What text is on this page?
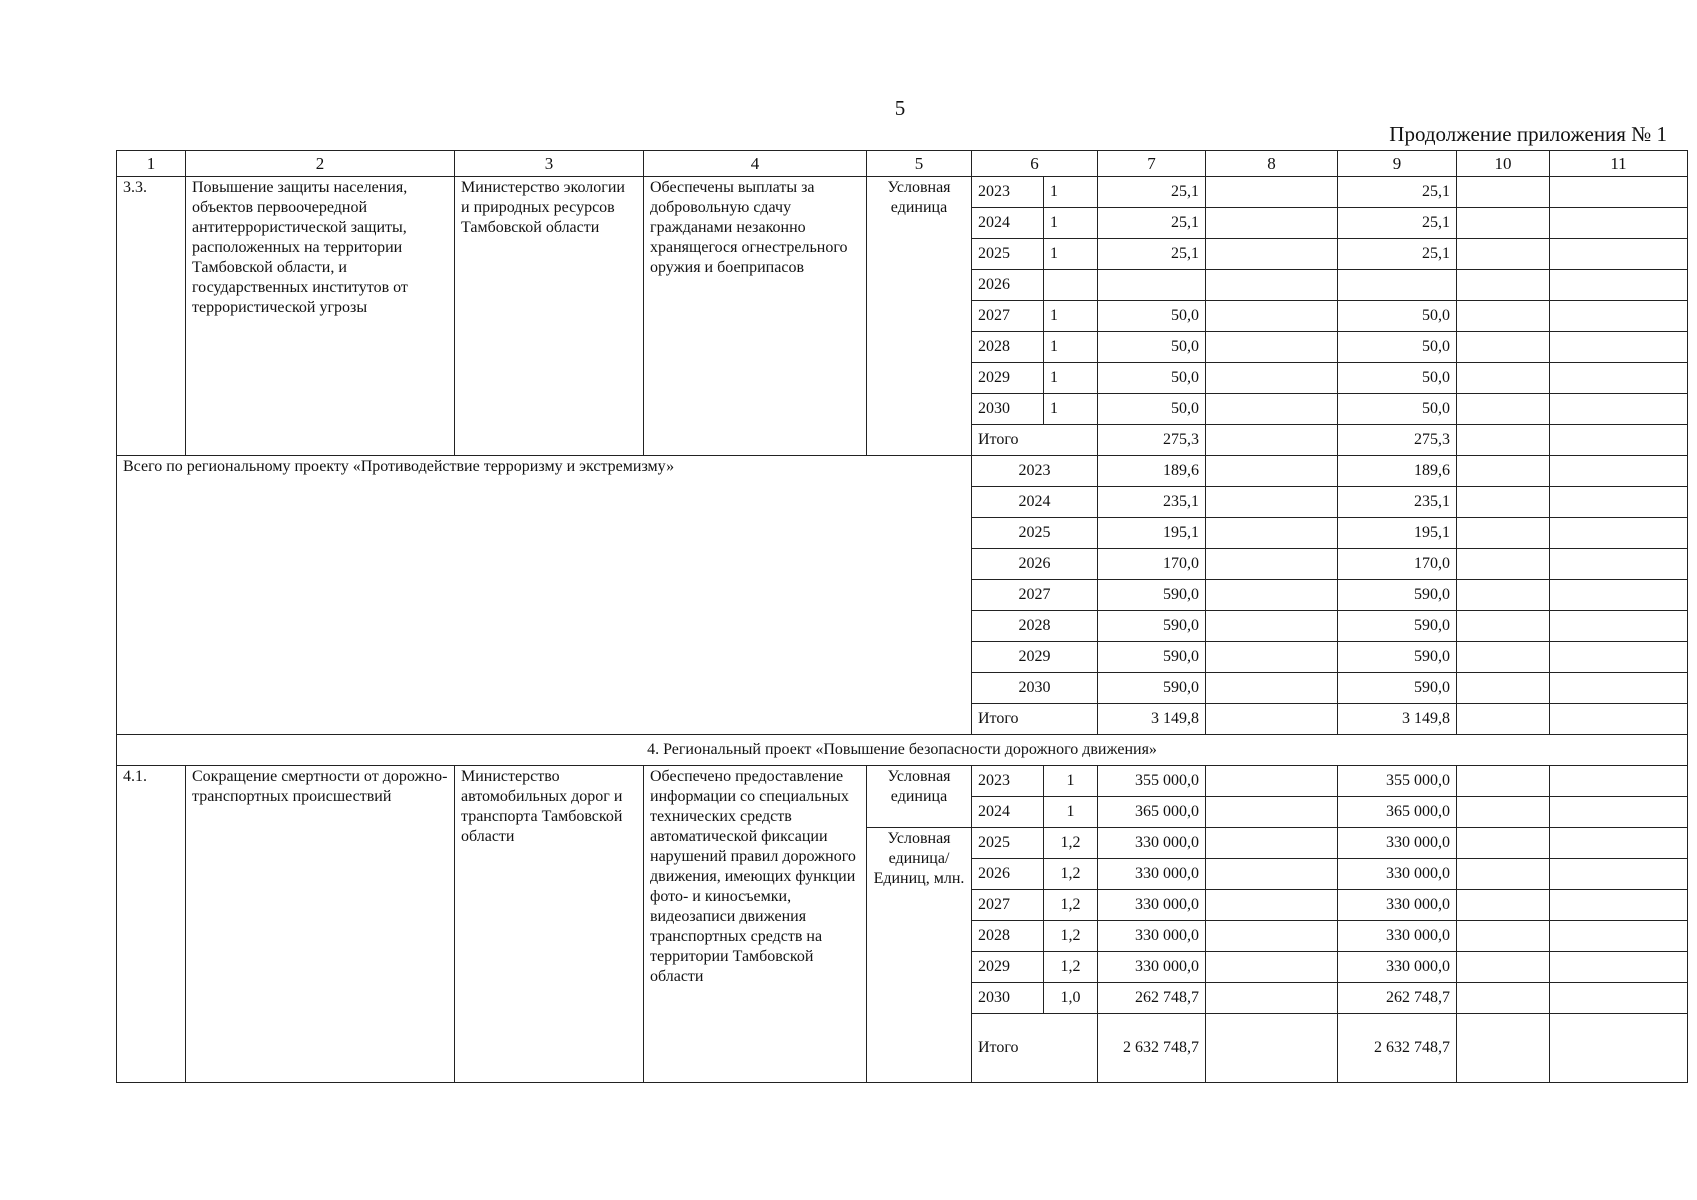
5
Продолжение приложения № 1
1	2	3	4	5	6		7	8	9	10	11
3.3.	Повышение защиты населения, объектов первоочередной антитеррористической защиты, расположенных на территории Тамбовской области, и государственных институтов от террористической угрозы	Министерство экологии и природных ресурсов Тамбовской области	Обеспечены выплаты за добровольную сдачу гражданами незаконно хранящегося огнестрельного оружия и боеприпасов	Условная единица	2023	1	25,1		25,1		
					2024	1	25,1		25,1		
					2025	1	25,1		25,1		
					2026						
					2027	1	50,0		50,0		
					2028	1	50,0		50,0		
					2029	1	50,0		50,0		
					2030	1	50,0		50,0		
					Итого		275,3		275,3		
Всего по региональному проекту «Противодействие терроризму и экстремизму»					2023		189,6		189,6		
					2024		235,1		235,1		
					2025		195,1		195,1		
					2026		170,0		170,0		
					2027		590,0		590,0		
					2028		590,0		590,0		
					2029		590,0		590,0		
					2030		590,0		590,0		
					Итого		3 149,8		3 149,8		
4. Региональный проект «Повышение безопасности дорожного движения»											
4.1.	Сокращение смертности от дорожно-транспортных происшествий	Министерство автомобильных дорог и транспорта Тамбовской области	Обеспечено предоставление информации со специальных технических средств автоматической фиксации нарушений правил дорожного движения, имеющих функции фото- и киносъемки, видеозаписи движения транспортных средств на территории Тамбовской области	Условная единица	2023	1	355 000,0		355 000,0		
					2024	1	365 000,0		365 000,0		
				Условная единица/ Единиц, млн.	2025	1,2	330 000,0		330 000,0		
					2026	1,2	330 000,0		330 000,0		
					2027	1,2	330 000,0		330 000,0		
					2028	1,2	330 000,0		330 000,0		
					2029	1,2	330 000,0		330 000,0		
					2030	1,0	262 748,7		262 748,7		
					Итого		2 632 748,7		2 632 748,7		
